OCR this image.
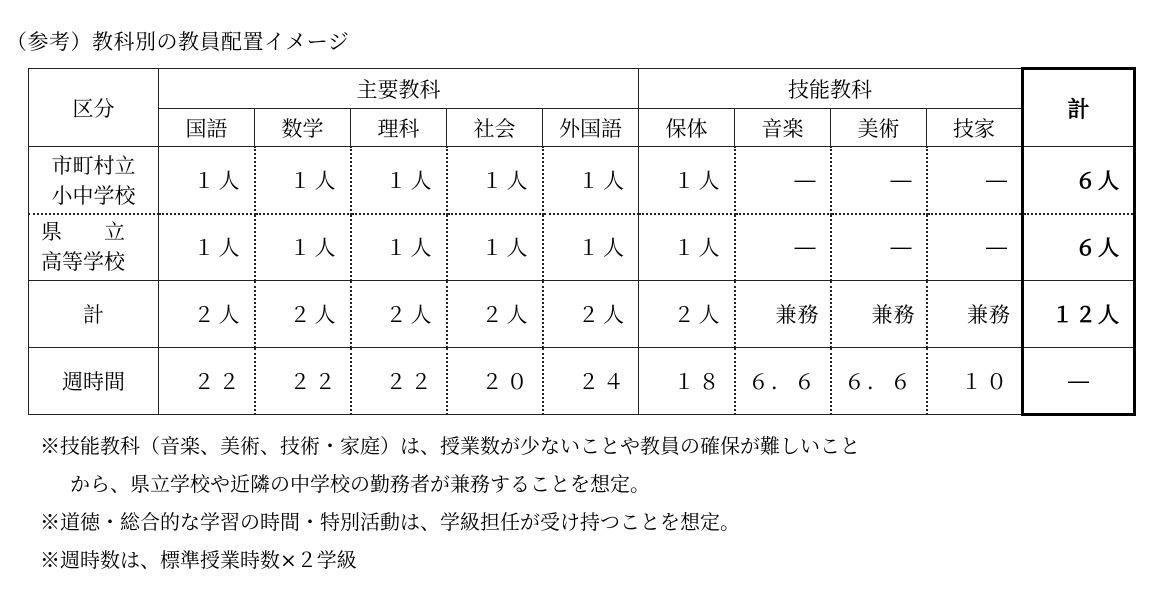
（参考）教科別の教員配置イメージ
区分	主要教科					技能教科				計
	国語	数学	理科	社会	外国語	保体	音楽	美術	技家	

市町村立
小中学校	１人	１人	１人	１人	１人	１人	―	―	―	６人

県　　立
高等学校	１人	１人	１人	１人	１人	１人	―	―	―	６人
計	２人	２人	２人	２人	２人	２人	兼務	兼務	兼務	１２人
週時間	２２	２２	２２	２０	２４	１８	６．６	６．６	１０	―
※技能教科（音楽、美術、技術・家庭）は、授業数が少ないことや教員の確保が難しいこと
から、県立学校や近隣の中学校の勤務者が兼務することを想定。
※道徳・総合的な学習の時間・特別活動は、学級担任が受け持つことを想定。
※週時数は、標準授業時数×２学級
